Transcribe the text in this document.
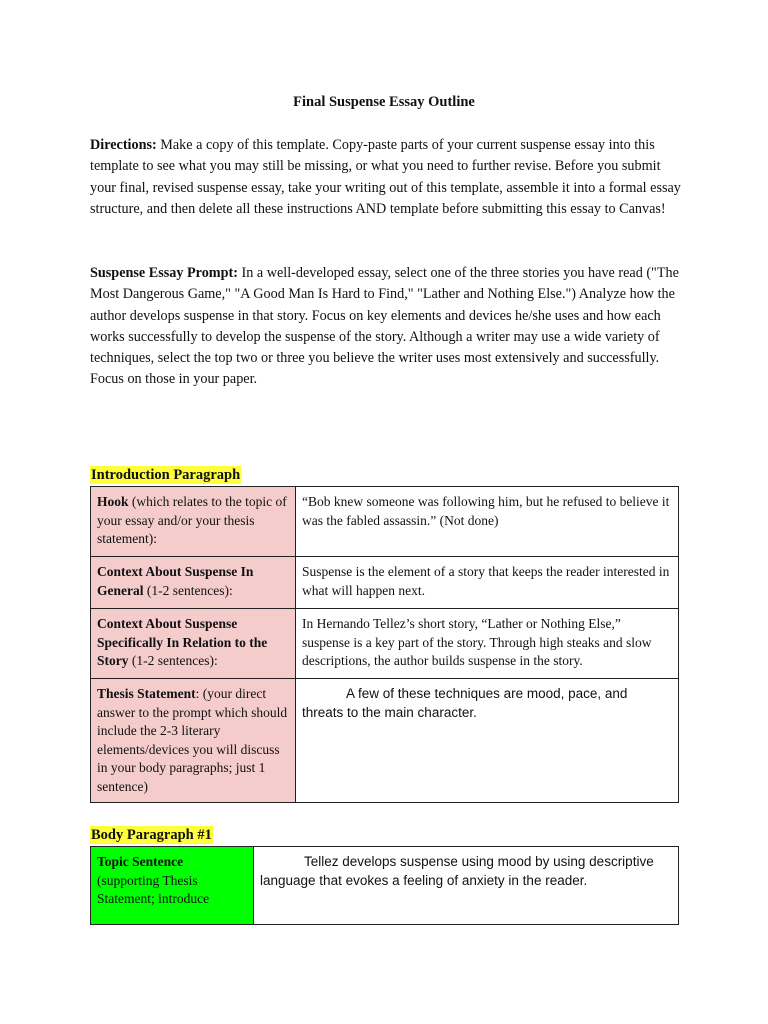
Final Suspense Essay Outline
Directions: Make a copy of this template. Copy-paste parts of your current suspense essay into this template to see what you may still be missing, or what you need to further revise. Before you submit your final, revised suspense essay, take your writing out of this template, assemble it into a formal essay structure, and then delete all these instructions AND template before submitting this essay to Canvas!
Suspense Essay Prompt: In a well-developed essay, select one of the three stories you have read ("The Most Dangerous Game," "A Good Man Is Hard to Find," "Lather and Nothing Else.") Analyze how the author develops suspense in that story. Focus on key elements and devices he/she uses and how each works successfully to develop the suspense of the story. Although a writer may use a wide variety of techniques, select the top two or three you believe the writer uses most extensively and successfully. Focus on those in your paper.
Introduction Paragraph
Hook (which relates to the topic of your essay and/or your thesis statement):	“Bob knew someone was following him, but he refused to believe it was the fabled assassin.” (Not done)
Context About Suspense In General (1-2 sentences):	Suspense is the element of a story that keeps the reader interested in what will happen next.
Context About Suspense Specifically In Relation to the Story (1-2 sentences):	In Hernando Tellez’s short story, “Lather or Nothing Else,” suspense is a key part of the story. Through high steaks and slow descriptions, the author builds suspense in the story.
Thesis Statement: (your direct answer to the prompt which should include the 2-3 literary elements/devices you will discuss in your body paragraphs; just 1 sentence)	A few of these techniques are mood, pace, and threats to the main character.
Body Paragraph #1
Topic Sentence (supporting Thesis Statement; introduce	Tellez develops suspense using mood by using descriptive language that evokes a feeling of anxiety in the reader.
